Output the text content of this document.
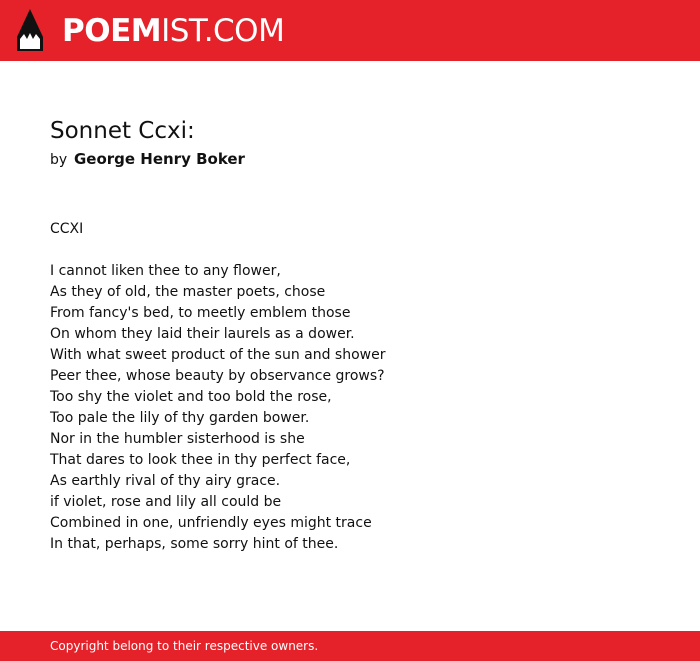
POEMIST.COM
Sonnet Ccxi:
by George Henry Boker
CCXI
I cannot liken thee to any flower,
As they of old, the master poets, chose
From fancy's bed, to meetly emblem those
On whom they laid their laurels as a dower.
With what sweet product of the sun and shower
Peer thee, whose beauty by observance grows?
Too shy the violet and too bold the rose,
Too pale the lily of thy garden bower.
Nor in the humbler sisterhood is she
That dares to look thee in thy perfect face,
As earthly rival of thy airy grace.
if violet, rose and lily all could be
Combined in one, unfriendly eyes might trace
In that, perhaps, some sorry hint of thee.
Copyright belong to their respective owners.
